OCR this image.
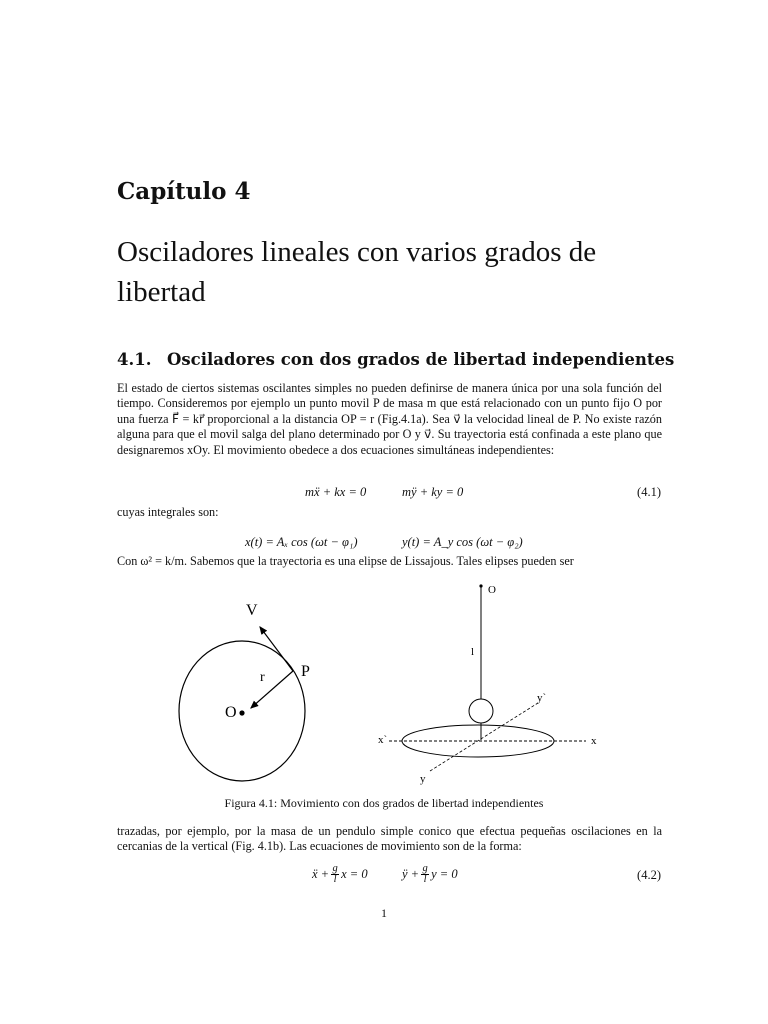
Capítulo 4
Osciladores lineales con varios grados de libertad
4.1. Osciladores con dos grados de libertad independientes
El estado de ciertos sistemas oscilantes simples no pueden definirse de manera única por una sola función del tiempo. Consideremos por ejemplo un punto movil P de masa m que está relacionado con un punto fijo O por una fuerza F⃗ = kr⃗ proporcional a la distancia OP = r (Fig.4.1a). Sea v⃗ la velocidad lineal de P. No existe razón alguna para que el movil salga del plano determinado por O y v⃗. Su trayectoria está confinada a este plano que designaremos xOy. El movimiento obedece a dos ecuaciones simultáneas independientes:
mẍ + kx = 0	mÿ + ky = 0	(4.1)
cuyas integrales son:
x(t) = Aₓ cos (ωt − φ₁)	y(t) = A_y cos (ωt − φ₂)
Con ω² = k/m. Sabemos que la trayectoria es una elipse de Lissajous. Tales elipses pueden ser
V
P
r
O
O
l
x`	x
y`
y
Figura 4.1: Movimiento con dos grados de libertad independientes
trazadas, por ejemplo, por la masa de un pendulo simple conico que efectua pequeñas oscilaciones en la cercanias de la vertical (Fig. 4.1b). Las ecuaciones de movimiento son de la forma:
ẍ + g
l x = 0	ÿ + g
l y = 0	(4.2)
1
